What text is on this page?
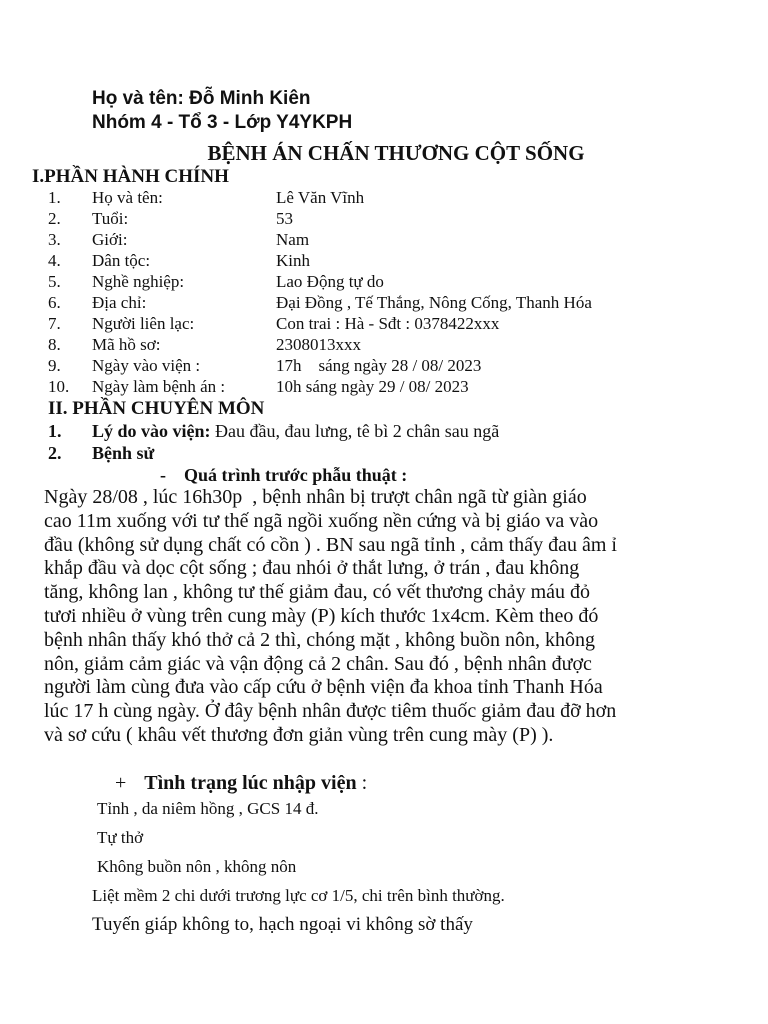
Họ và tên: Đỗ Minh Kiên
Nhóm 4 - Tổ 3 - Lớp Y4YKPH
BỆNH ÁN CHẤN THƯƠNG CỘT SỐNG
I.PHẦN HÀNH CHÍNH
1. Họ và tên:	Lê Văn Vĩnh
2. Tuổi:	53
3. Giới:	Nam
4. Dân tộc:	Kinh
5. Nghề nghiệp:	Lao Động tự do
6. Địa chỉ:	Đại Đồng , Tế Thắng, Nông Cống, Thanh Hóa
7. Người liên lạc:	Con trai : Hà - Sđt : 0378422xxx
8. Mã hồ sơ:	2308013xxx
9. Ngày vào viện :	17h    sáng ngày 28 / 08/ 2023
10. Ngày làm bệnh án :	10h sáng ngày 29 / 08/ 2023
II. PHẦN CHUYÊN MÔN
1. Lý do vào viện: Đau đầu, đau lưng, tê bì 2 chân sau ngã
2. Bệnh sử
-    Quá trình trước phẫu thuật :
Ngày 28/08 , lúc 16h30p  , bệnh nhân bị trượt chân ngã từ giàn giáo
cao 11m xuống với tư thế ngã ngồi xuống nền cứng và bị giáo va vào
đầu (không sử dụng chất có cồn ) . BN sau ngã tỉnh , cảm thấy đau âm ỉ
khắp đầu và dọc cột sống ; đau nhói ở thắt lưng, ở trán , đau không
tăng, không lan , không tư thế giảm đau, có vết thương chảy máu đỏ
tươi nhiều ở vùng trên cung mày (P) kích thước 1x4cm. Kèm theo đó
bệnh nhân thấy khó thở cả 2 thì, chóng mặt , không buồn nôn, không
nôn, giảm cảm giác và vận động cả 2 chân. Sau đó , bệnh nhân được
người làm cùng đưa vào cấp cứu ở bệnh viện đa khoa tỉnh Thanh Hóa
lúc 17 h cùng ngày. Ở đây bệnh nhân được tiêm thuốc giảm đau đỡ hơn
và sơ cứu ( khâu vết thương đơn giản vùng trên cung mày (P) ).
+ Tình trạng lúc nhập viện :
Tỉnh , da niêm hồng , GCS 14 đ.
Tự thở
Không buồn nôn , không nôn
Liệt mềm 2 chi dưới trương lực cơ 1/5, chi trên bình thường.
Tuyến giáp không to, hạch ngoại vi không sờ thấy
